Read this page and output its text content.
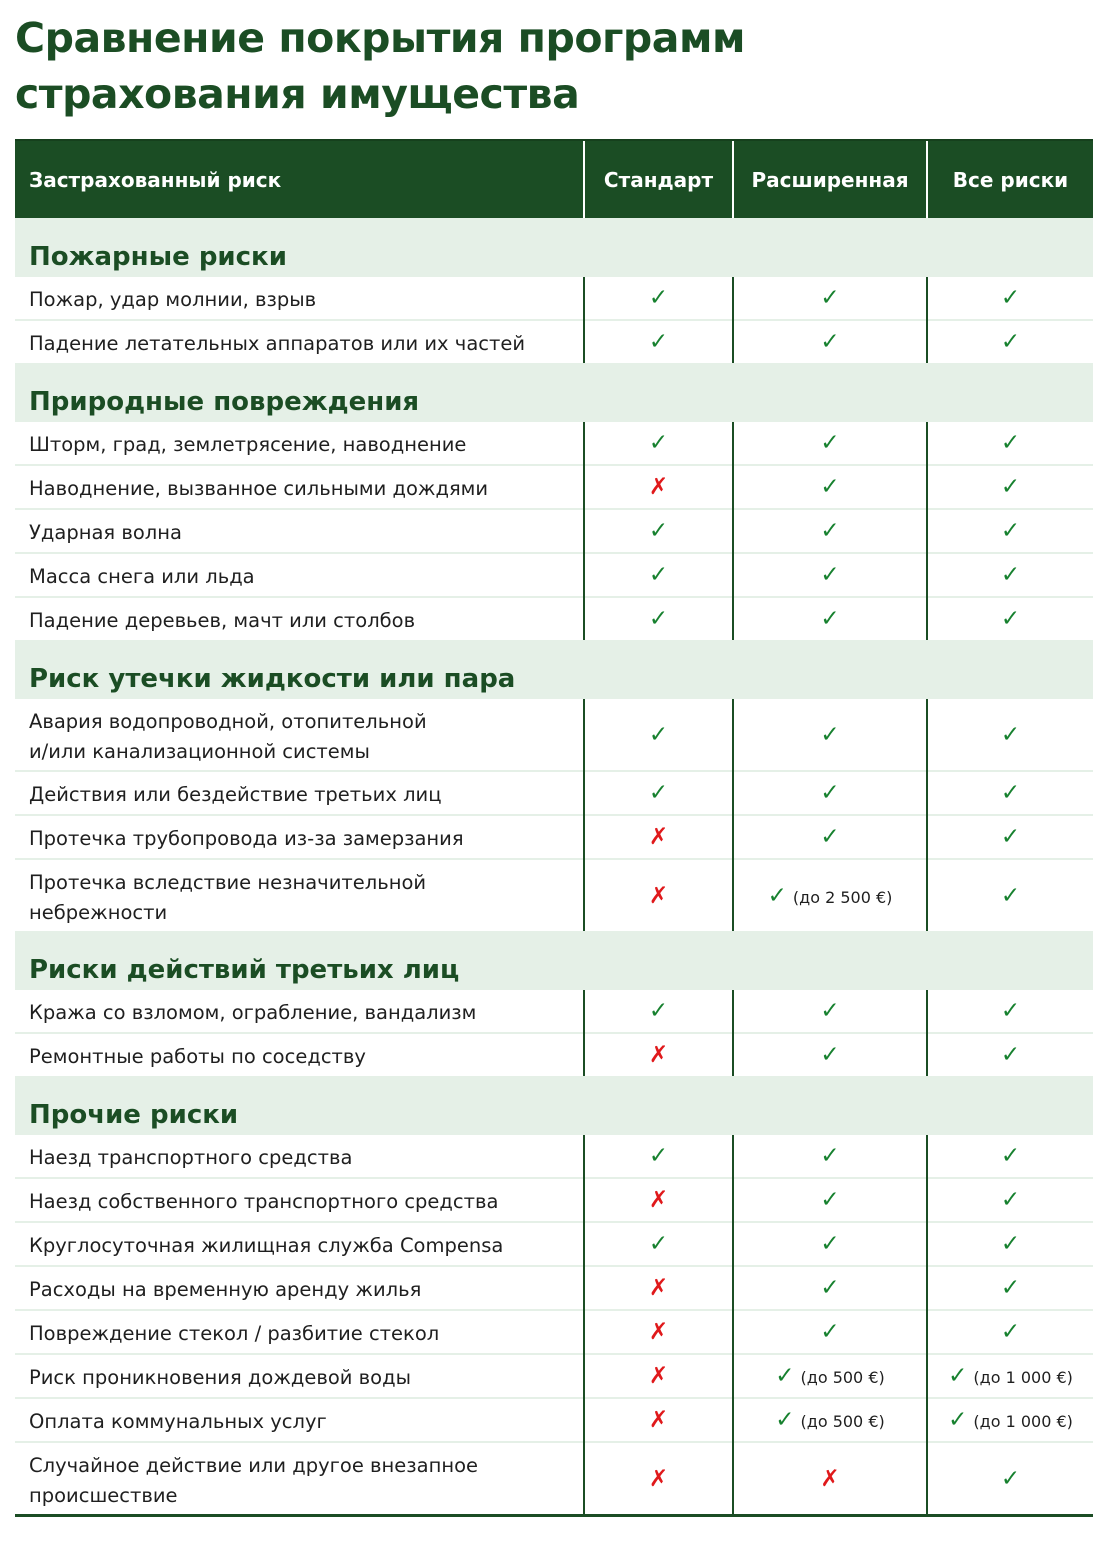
Сравнение покрытия программ
страхования имущества
Застрахованный риск	Стандарт	Расширенная	Все риски

Пожарные риски			

Пожар, удар молнии, взрыв	✓	✓	✓

Падение летательных аппаратов или их частей	✓	✓	✓

Природные повреждения			

Шторм, град, землетрясение, наводнение	✓	✓	✓

Наводнение, вызванное сильными дождями	✗	✓	✓

Ударная волна	✓	✓	✓

Масса снега или льда	✓	✓	✓

Падение деревьев, мачт или столбов	✓	✓	✓

Риск утечки жидкости или пара			

Авария водопроводной, отопительной
и/или канализационной системы	✓	✓	✓

Действия или бездействие третьих лиц	✓	✓	✓

Протечка трубопровода из-за замерзания	✗	✓	✓

Протечка вследствие незначительной
небрежности	✗	✓ (до 2 500 €)	✓

Риски действий третьих лиц			

Кража со взломом, ограбление, вандализм	✓	✓	✓

Ремонтные работы по соседству	✗	✓	✓

Прочие риски			

Наезд транспортного средства	✓	✓	✓

Наезд собственного транспортного средства	✗	✓	✓

Круглосуточная жилищная служба Compensa	✓	✓	✓

Расходы на временную аренду жилья	✗	✓	✓

Повреждение стекол / разбитие стекол	✗	✓	✓

Риск проникновения дождевой воды	✗	✓ (до 500 €)	✓ (до 1 000 €)

Оплата коммунальных услуг	✗	✓ (до 500 €)	✓ (до 1 000 €)

Случайное действие или другое внезапное
происшествие	✗	✗	✓
